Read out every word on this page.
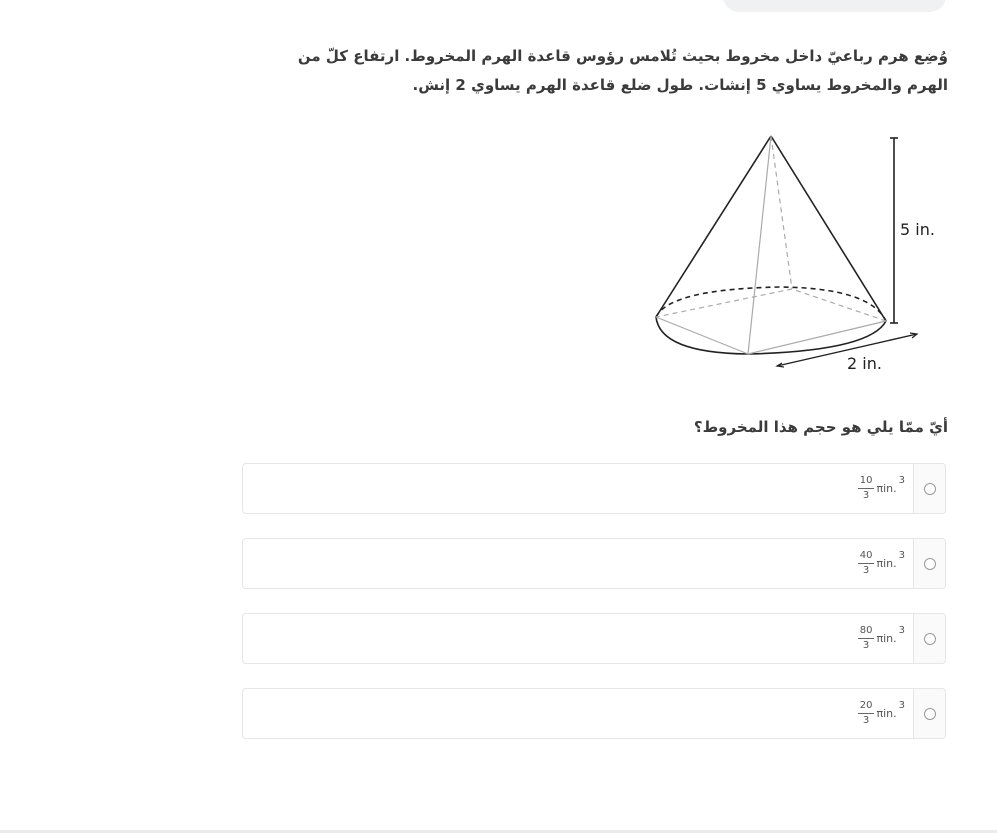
وُضِع هرم رباعيّ داخل مخروط بحيث تُلامس رؤوس قاعدة الهرم المخروط. ارتفاع كلّ من الهرم والمخروط يساوي 5 إنشات. طول ضلع قاعدة الهرم يساوي 2 إنش.
5 in.
2 in.
أيّ ممّا يلي هو حجم هذا المخروط؟
$\frac{10}{3} \pi in$.
3
$\frac{40}{3} \pi in$.
3
$\frac{80}{3} \pi in$.
3
$\frac{20}{3} \pi in$.
3
